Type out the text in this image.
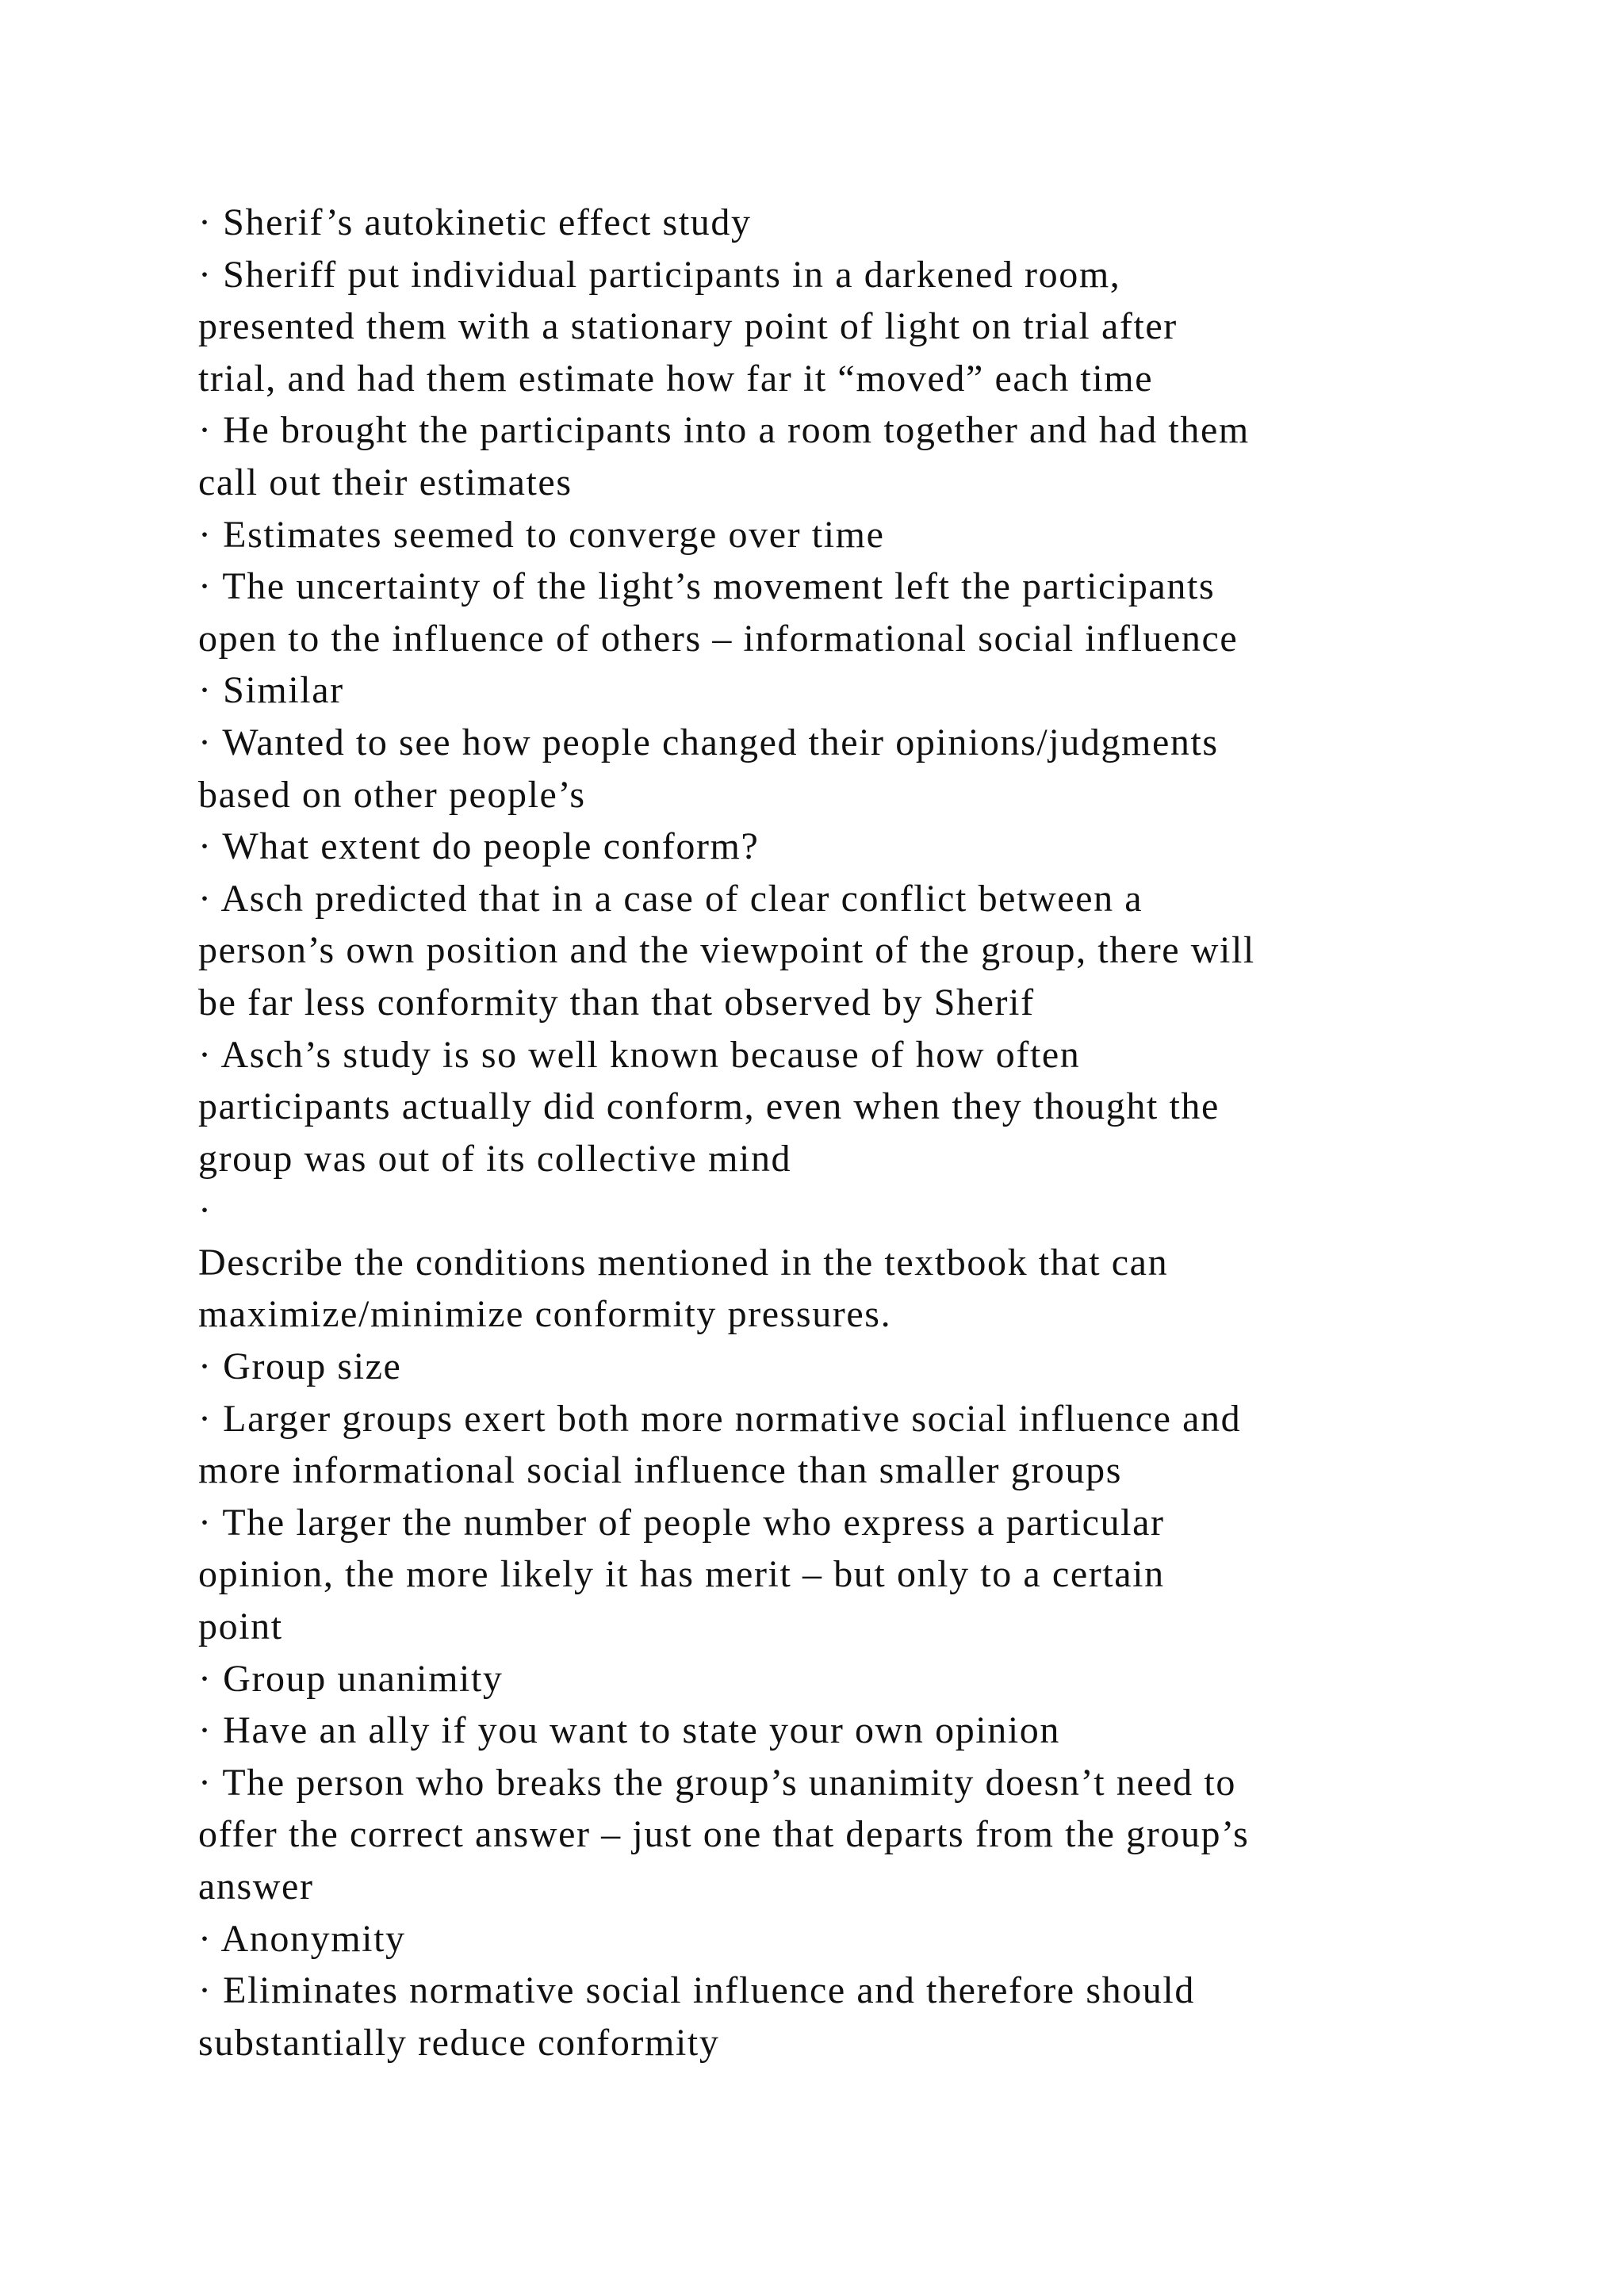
· Sherif’s autokinetic effect study
· Sheriff put individual participants in a darkened room,
presented them with a stationary point of light on trial after
trial, and had them estimate how far it “moved” each time
· He brought the participants into a room together and had them
call out their estimates
· Estimates seemed to converge over time
· The uncertainty of the light’s movement left the participants
open to the influence of others – informational social influence
· Similar
· Wanted to see how people changed their opinions/judgments
based on other people’s
· What extent do people conform?
· Asch predicted that in a case of clear conflict between a
person’s own position and the viewpoint of the group, there will
be far less conformity than that observed by Sherif
· Asch’s study is so well known because of how often
participants actually did conform, even when they thought the
group was out of its collective mind
·
Describe the conditions mentioned in the textbook that can
maximize/minimize conformity pressures.
· Group size
· Larger groups exert both more normative social influence and
more informational social influence than smaller groups
· The larger the number of people who express a particular
opinion, the more likely it has merit – but only to a certain
point
· Group unanimity
· Have an ally if you want to state your own opinion
· The person who breaks the group’s unanimity doesn’t need to
offer the correct answer – just one that departs from the group’s
answer
· Anonymity
· Eliminates normative social influence and therefore should
substantially reduce conformity
